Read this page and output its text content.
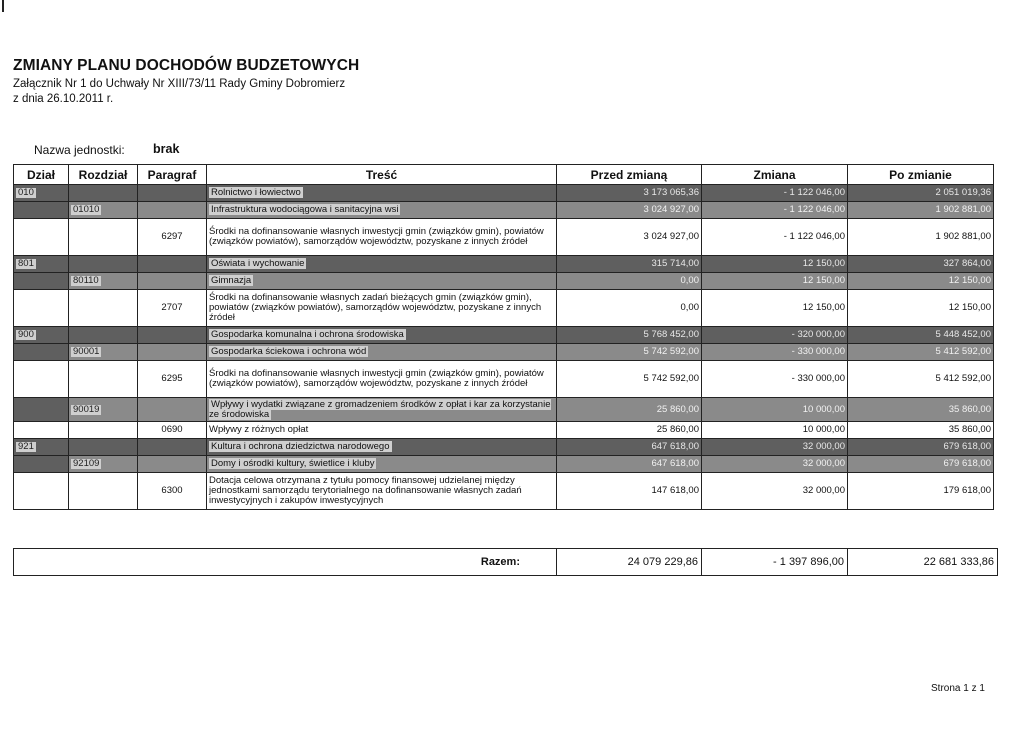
ZMIANY PLANU DOCHODÓW BUDZETOWYCH
Załącznik Nr 1 do Uchwały Nr XIII/73/11 Rady Gminy Dobromierz
z dnia 26.10.2011 r.
Nazwa jednostki: brak
Dział	Rozdział	Paragraf	Treść	Przed zmianą	Zmiana	Po zmianie
010			Rolnictwo i łowiectwo	3 173 065,36	- 1 122 046,00	2 051 019,36
	01010		Infrastruktura wodociągowa i sanitacyjna wsi	3 024 927,00	- 1 122 046,00	1 902 881,00
		6297	Środki na dofinansowanie własnych inwestycji gmin (związków gmin), powiatów (związków powiatów), samorządów województw, pozyskane z innych źródeł	3 024 927,00	- 1 122 046,00	1 902 881,00
801			Oświata i wychowanie	315 714,00	12 150,00	327 864,00
	80110		Gimnazja	0,00	12 150,00	12 150,00
		2707	Środki na dofinansowanie własnych zadań bieżących gmin (związków gmin), powiatów (związków powiatów), samorządów województw, pozyskane z innych źródeł	0,00	12 150,00	12 150,00
900			Gospodarka komunalna i ochrona środowiska	5 768 452,00	- 320 000,00	5 448 452,00
	90001		Gospodarka ściekowa i ochrona wód	5 742 592,00	- 330 000,00	5 412 592,00
		6295	Środki na dofinansowanie własnych inwestycji gmin (związków gmin), powiatów (związków powiatów), samorządów województw, pozyskane z innych źródeł	5 742 592,00	- 330 000,00	5 412 592,00
	90019		Wpływy i wydatki związane z gromadzeniem środków z opłat i kar za korzystanie ze środowiska	25 860,00	10 000,00	35 860,00
		0690	Wpływy z różnych opłat	25 860,00	10 000,00	35 860,00
921			Kultura i ochrona dziedzictwa narodowego	647 618,00	32 000,00	679 618,00
	92109		Domy i ośrodki kultury, świetlice i kluby	647 618,00	32 000,00	679 618,00
		6300	Dotacja celowa otrzymana z tytułu pomocy finansowej udzielanej między jednostkami samorządu terytorialnego na dofinansowanie własnych zadań inwestycyjnych i zakupów inwestycyjnych	147 618,00	32 000,00	179 618,00
Razem:	24 079 229,86	- 1 397 896,00	22 681 333,86
Strona 1 z 1
